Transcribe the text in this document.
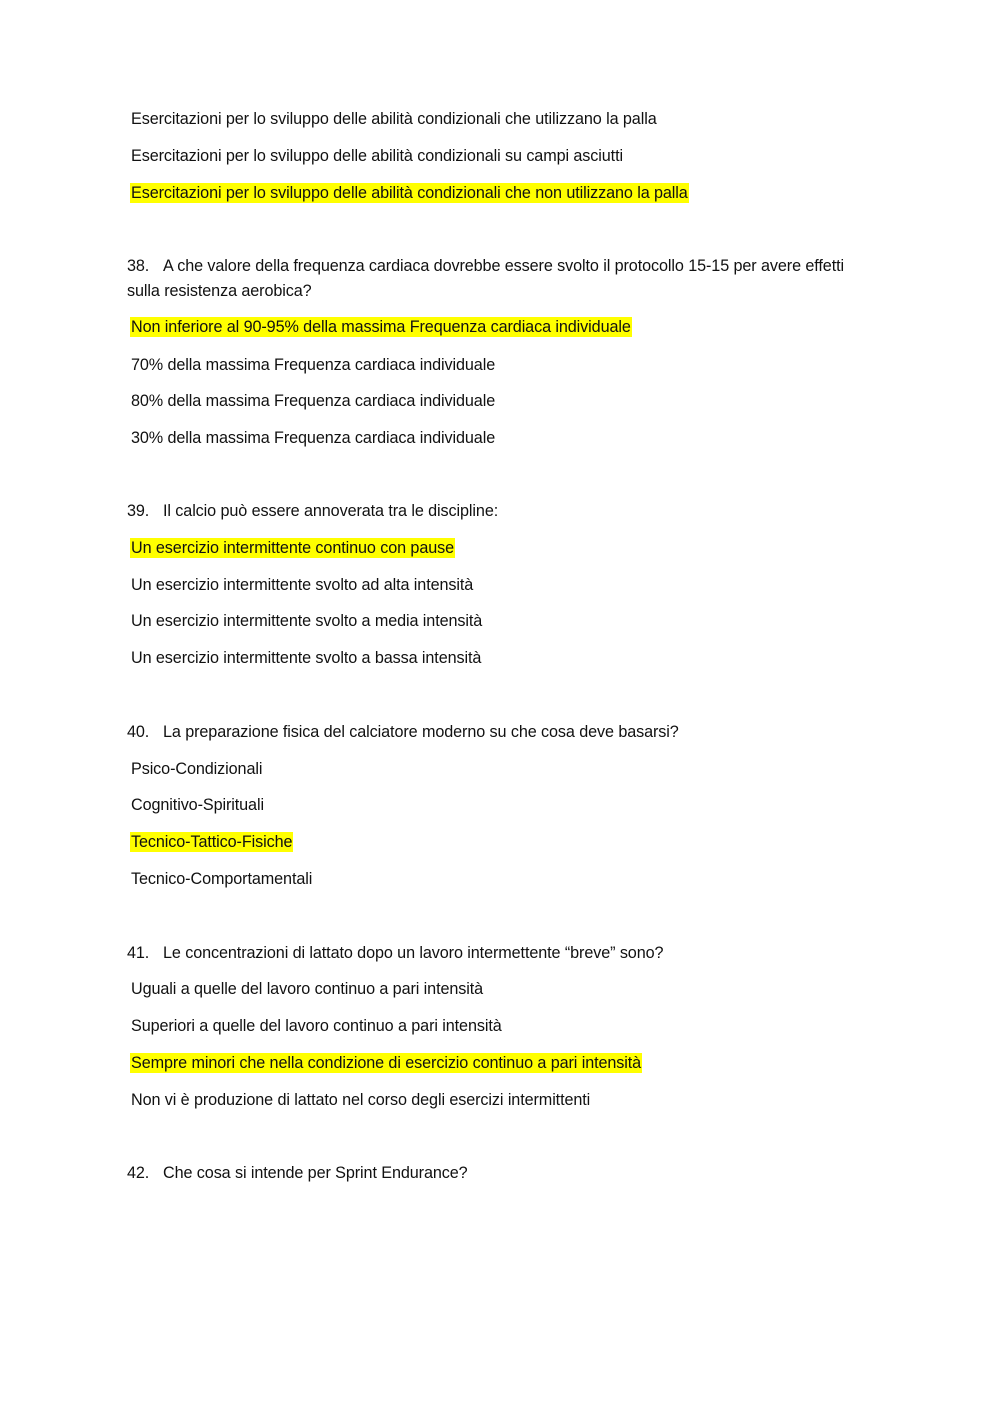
Esercitazioni per lo sviluppo delle abilità condizionali che utilizzano la palla
Esercitazioni per lo sviluppo delle abilità condizionali su campi asciutti
Esercitazioni per lo sviluppo delle abilità condizionali che non utilizzano la palla
38. A che valore della frequenza cardiaca dovrebbe essere svolto il protocollo 15-15 per avere effetti sulla resistenza aerobica?
Non inferiore al 90-95% della massima Frequenza cardiaca individuale
70% della massima Frequenza cardiaca individuale
80% della massima Frequenza cardiaca individuale
30% della massima Frequenza cardiaca individuale
39. Il calcio può essere annoverata tra le discipline:
Un esercizio intermittente continuo con pause
Un esercizio intermittente svolto ad alta intensità
Un esercizio intermittente svolto a media intensità
Un esercizio intermittente svolto a bassa intensità
40. La preparazione fisica del calciatore moderno su che cosa deve basarsi?
Psico-Condizionali
Cognitivo-Spirituali
Tecnico-Tattico-Fisiche
Tecnico-Comportamentali
41. Le concentrazioni di lattato dopo un lavoro intermettente “breve” sono?
Uguali a quelle del lavoro continuo a pari intensità
Superiori a quelle del lavoro continuo a pari intensità
Sempre minori che nella condizione di esercizio continuo a pari intensità
Non vi è produzione di lattato nel corso degli esercizi intermittenti
42. Che cosa si intende per Sprint Endurance?
